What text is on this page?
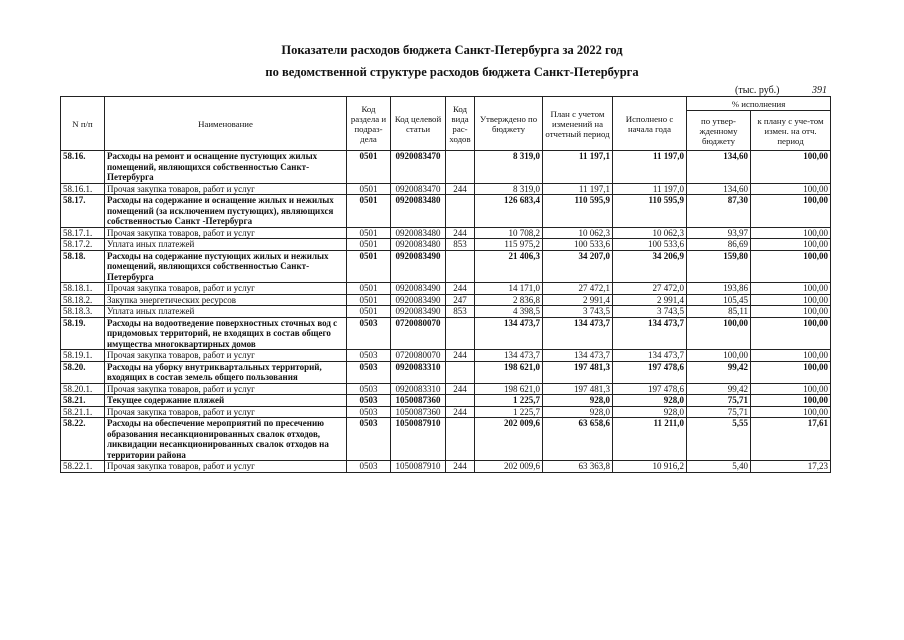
Показатели расходов бюджета Санкт-Петербурга за 2022 год
по ведомственной структуре расходов бюджета Санкт-Петербурга
(тыс. руб.)	391
N п/п	Наименование	Код раздела и подраз-дела	Код целевой статьи	Код вида рас-ходов	Утверждено по бюджету	План с учетом изменений на отчетный период	Исполнено с начала года	% исполнения	
								по утвер-жденному бюджету	к плану с уче-том измен. на отч. период
58.16.	Расходы на ремонт и оснащение пустующих жилых помещений, являющихся собственностью Санкт-Петербурга	0501	0920083470		8 319,0	11 197,1	11 197,0	134,60	100,00
58.16.1.	Прочая закупка товаров, работ и услуг	0501	0920083470	244	8 319,0	11 197,1	11 197,0	134,60	100,00
58.17.	Расходы на содержание и оснащение жилых и нежилых помещений (за исключением пустующих), являющихся собственностью Санкт -Петербурга	0501	0920083480		126 683,4	110 595,9	110 595,9	87,30	100,00
58.17.1.	Прочая закупка товаров, работ и услуг	0501	0920083480	244	10 708,2	10 062,3	10 062,3	93,97	100,00
58.17.2.	Уплата иных платежей	0501	0920083480	853	115 975,2	100 533,6	100 533,6	86,69	100,00
58.18.	Расходы на содержание пустующих жилых и нежилых помещений, являющихся собственностью Санкт-Петербурга	0501	0920083490		21 406,3	34 207,0	34 206,9	159,80	100,00
58.18.1.	Прочая закупка товаров, работ и услуг	0501	0920083490	244	14 171,0	27 472,1	27 472,0	193,86	100,00
58.18.2.	Закупка энергетических ресурсов	0501	0920083490	247	2 836,8	2 991,4	2 991,4	105,45	100,00
58.18.3.	Уплата иных платежей	0501	0920083490	853	4 398,5	3 743,5	3 743,5	85,11	100,00
58.19.	Расходы на водоотведение поверхностных сточных вод с придомовых территорий, не входящих в состав общего имущества многоквартирных домов	0503	0720080070		134 473,7	134 473,7	134 473,7	100,00	100,00
58.19.1.	Прочая закупка товаров, работ и услуг	0503	0720080070	244	134 473,7	134 473,7	134 473,7	100,00	100,00
58.20.	Расходы на уборку внутриквартальных территорий, входящих в состав земель общего пользования	0503	0920083310		198 621,0	197 481,3	197 478,6	99,42	100,00
58.20.1.	Прочая закупка товаров, работ и услуг	0503	0920083310	244	198 621,0	197 481,3	197 478,6	99,42	100,00
58.21.	Текущее содержание пляжей	0503	1050087360		1 225,7	928,0	928,0	75,71	100,00
58.21.1.	Прочая закупка товаров, работ и услуг	0503	1050087360	244	1 225,7	928,0	928,0	75,71	100,00
58.22.	Расходы на обеспечение мероприятий по пресечению образования несанкционированных свалок отходов, ликвидации несанкционированных свалок отходов на территории района	0503	1050087910		202 009,6	63 658,6	11 211,0	5,55	17,61
58.22.1.	Прочая закупка товаров, работ и услуг	0503	1050087910	244	202 009,6	63 363,8	10 916,2	5,40	17,23
